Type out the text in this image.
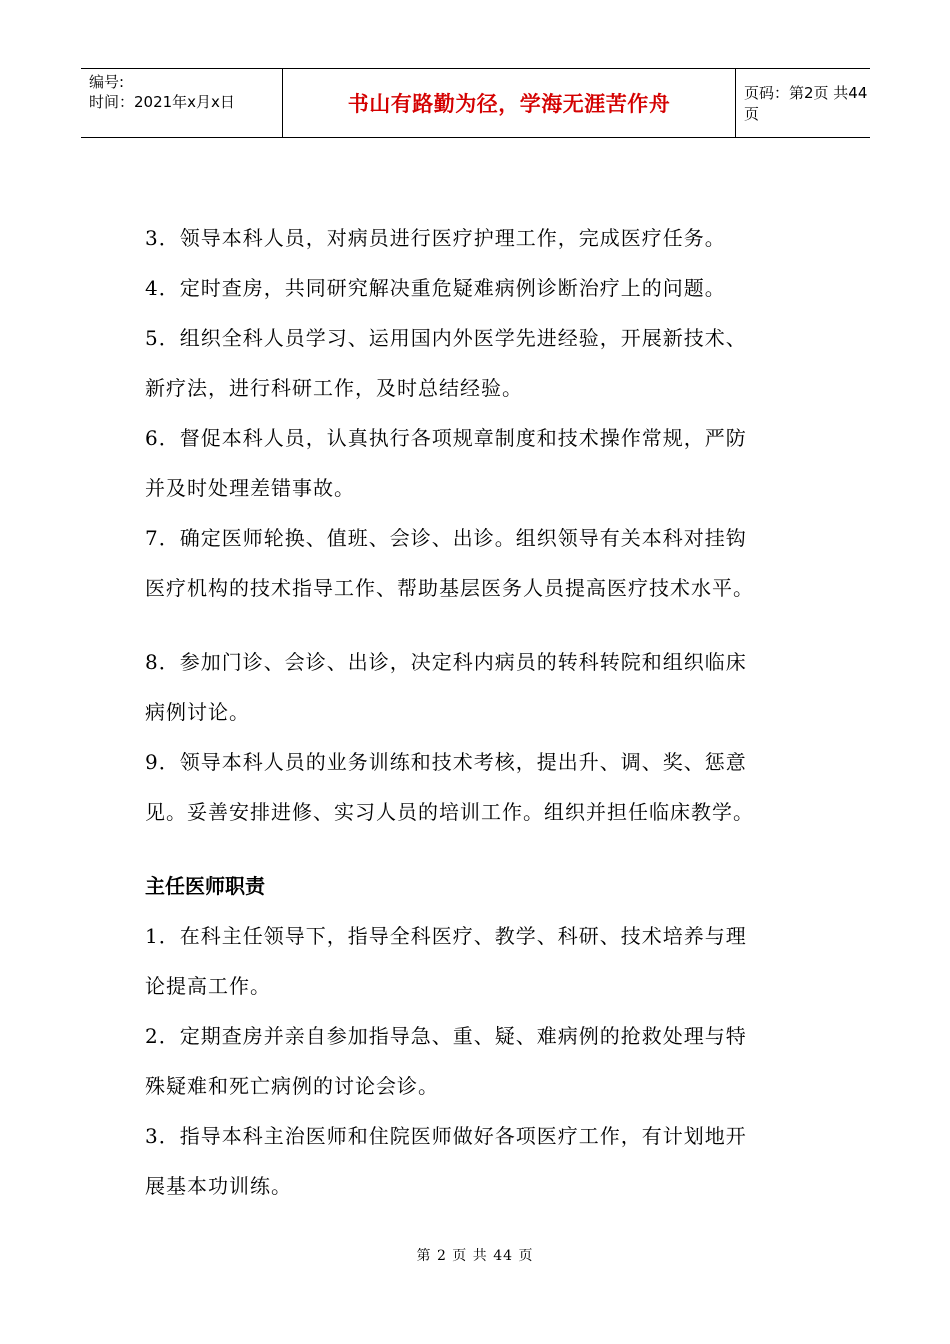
编号:
时间：2021年x月x日	书山有路勤为径，学海无涯苦作舟	页码：第2页 共44页
3．领导本科人员，对病员进行医疗护理工作，完成医疗任务。
4．定时查房，共同研究解决重危疑难病例诊断治疗上的问题。
5．组织全科人员学习、运用国内外医学先进经验，开展新技术、
新疗法，进行科研工作，及时总结经验。
6．督促本科人员，认真执行各项规章制度和技术操作常规，严防
并及时处理差错事故。
7．确定医师轮换、值班、会诊、出诊。组织领导有关本科对挂钩
医疗机构的技术指导工作、帮助基层医务人员提高医疗技术水平。
8．参加门诊、会诊、出诊，决定科内病员的转科转院和组织临床
病例讨论。
9．领导本科人员的业务训练和技术考核，提出升、调、奖、惩意
见。妥善安排进修、实习人员的培训工作。组织并担任临床教学。
主任医师职责
1．在科主任领导下，指导全科医疗、教学、科研、技术培养与理
论提高工作。
2．定期查房并亲自参加指导急、重、疑、难病例的抢救处理与特
殊疑难和死亡病例的讨论会诊。
3．指导本科主治医师和住院医师做好各项医疗工作，有计划地开
展基本功训练。
第 2 页 共 44 页
